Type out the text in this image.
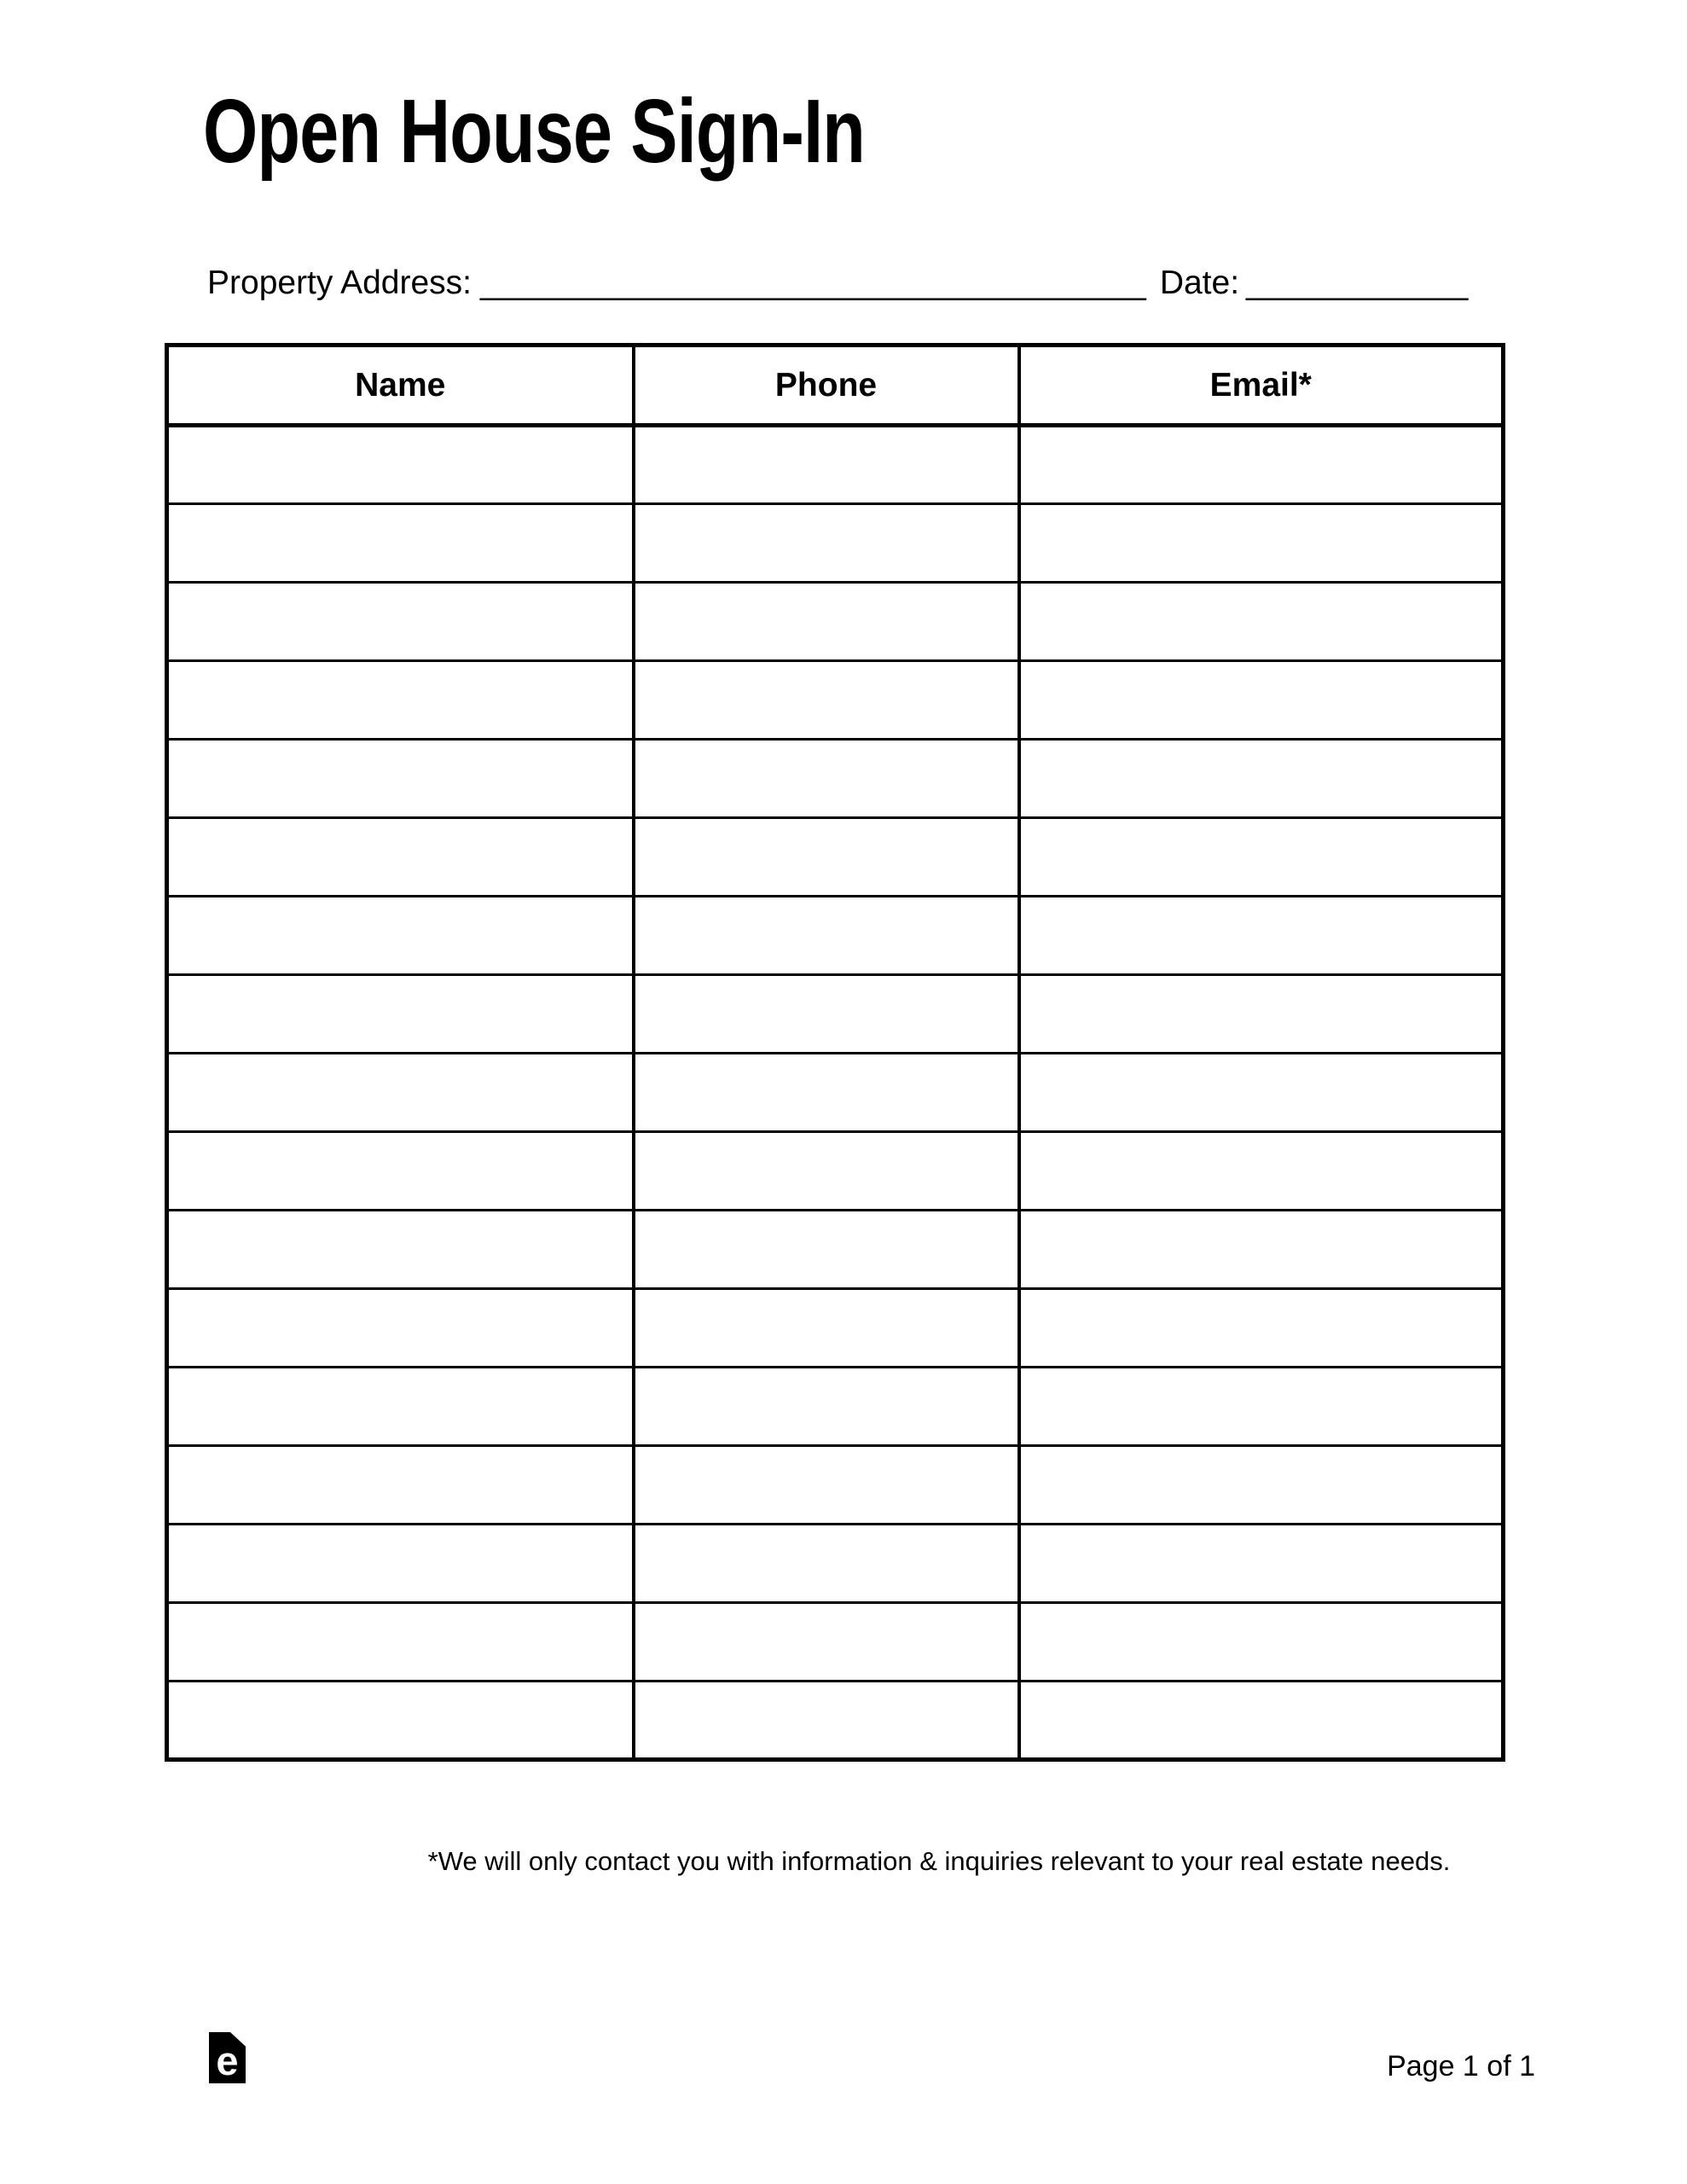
Open House Sign-In
Property Address: ____________________________________ Date: ____________
Name	Phone	Email*

*We will only contact you with information & inquiries relevant to your real estate needs.
e	Page 1 of 1
